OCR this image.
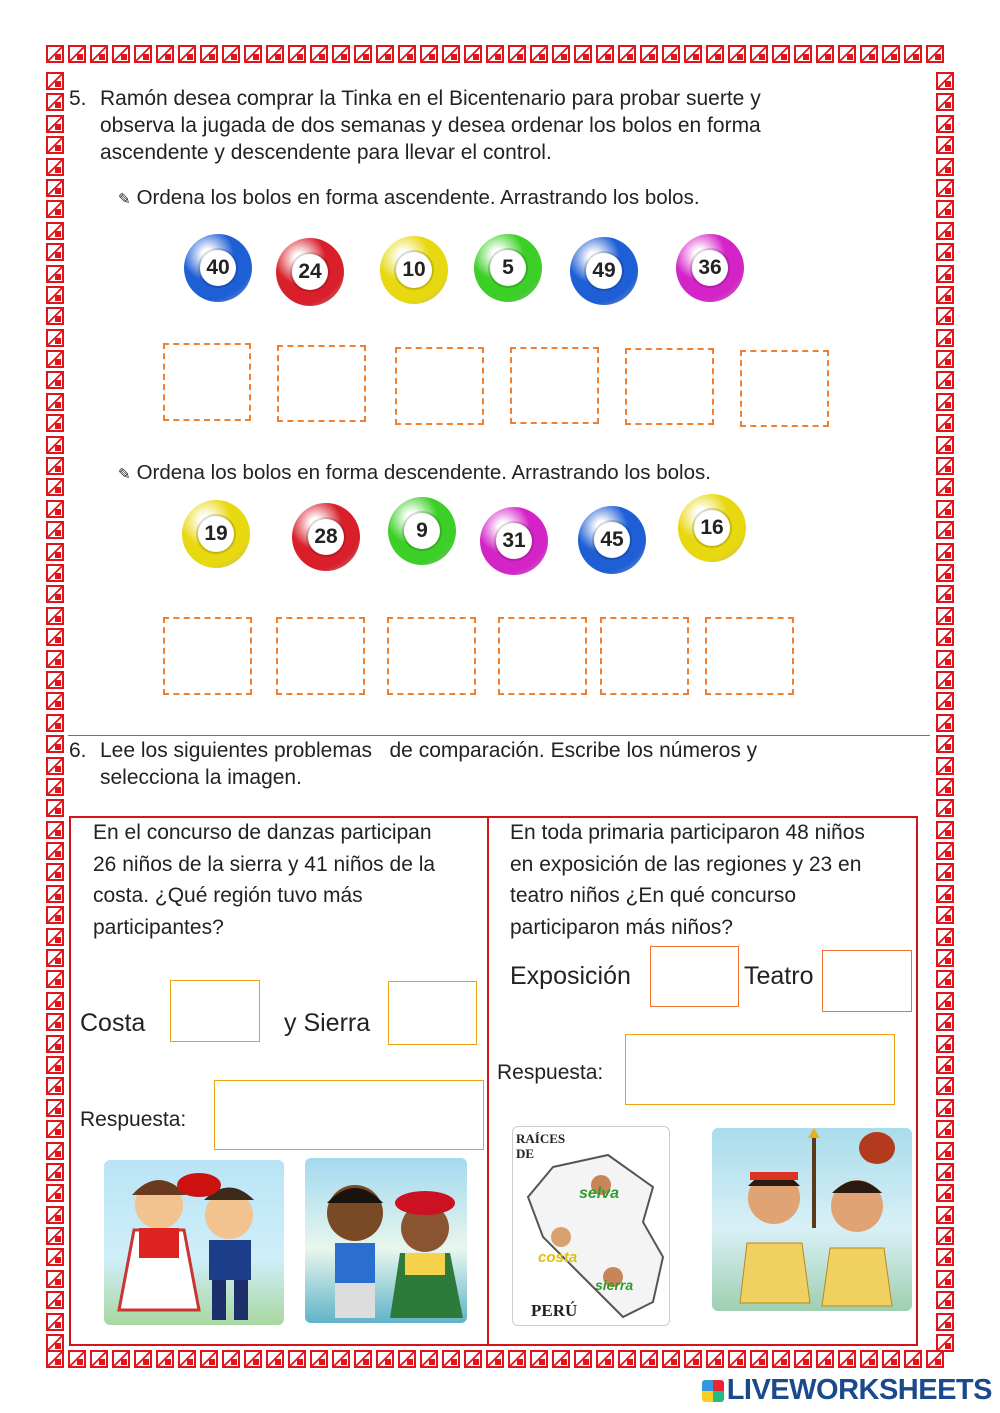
5. Ramón desea comprar la Tinka en el Bicentenario para probar suerte y
observa la jugada de dos semanas y desea ordenar los bolos en forma
ascendente y descendente para llevar el control.
✎ Ordena los bolos en forma ascendente. Arrastrando los bolos.
40	24	10	5	49	36
✎ Ordena los bolos en forma descendente. Arrastrando los bolos.
19	28	9	31	45
16
6. Lee los siguientes problemas   de comparación. Escribe los números y
selecciona la imagen.
En el concurso de danzas participan
26 niños de la sierra y 41 niños de la
costa. ¿Qué región tuvo más
participantes?
Costa	y Sierra
Respuesta:
En toda primaria participaron 48 niños
en exposición de las regiones y 23 en
teatro niños ¿En qué concurso
participaron más niños?
Exposición	Teatro
Respuesta:
RAÍCES
DE
selva
costa
sierra
PERÚ
LIVEWORKSHEETS
